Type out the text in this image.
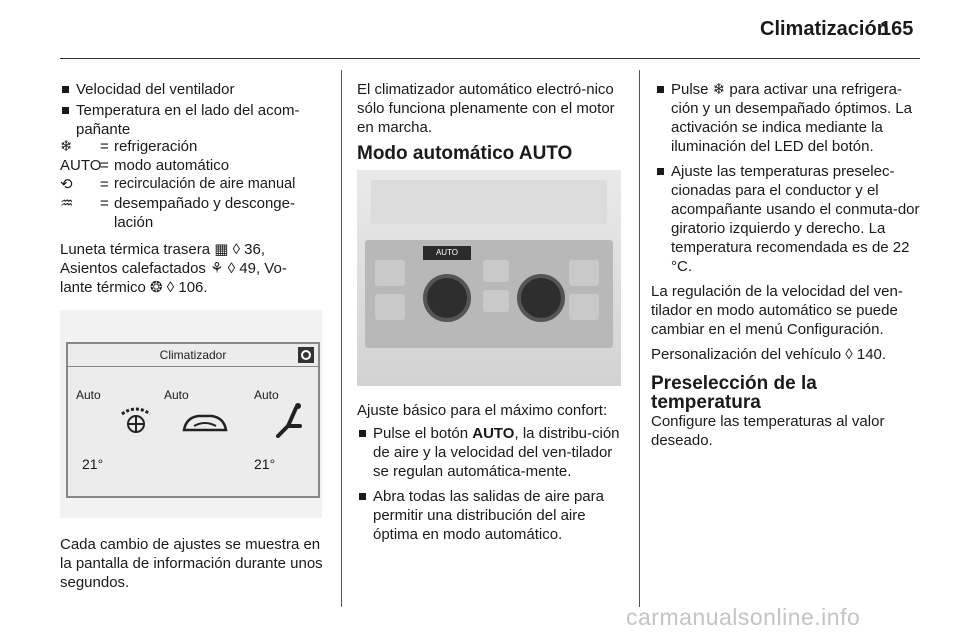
Climatización
165
Velocidad del ventilador
Temperatura en el lado del acom-
pañante
❄	= refrigeración
AUTO
= modo automático
⟲	= recirculación de aire manual
♒	= desempañado y desconge-
lación
Luneta térmica trasera ▦ ◊ 36,
Asientos calefactados ⚘ ◊ 49, Vo-
lante térmico ❂ ◊ 106.
Climatizador
Auto	Auto	Auto
21°	21°
Cada cambio de ajustes se muestra en la pantalla de información durante unos segundos.
El climatizador automático electró-nico sólo funciona plenamente con el motor en marcha.
Modo automático AUTO
AUTO
Ajuste básico para el máximo confort:
Pulse el botón AUTO, la distribu-ción de aire y la velocidad del ven-tilador se regulan automática-mente.
Abra todas las salidas de aire para permitir una distribución del aire óptima en modo automático.
Pulse ❄ para activar una refrigera-ción y un desempañado óptimos. La activación se indica mediante la iluminación del LED del botón.
Ajuste las temperaturas preselec-cionadas para el conductor y el acompañante usando el conmuta-dor giratorio izquierdo y derecho. La temperatura recomendada es de 22 °C.
La regulación de la velocidad del ven-tilador en modo automático se puede cambiar en el menú Configuración.
Personalización del vehículo ◊ 140.
Preselección de la temperatura
Configure las temperaturas al valor deseado.
carmanualsonline.info
